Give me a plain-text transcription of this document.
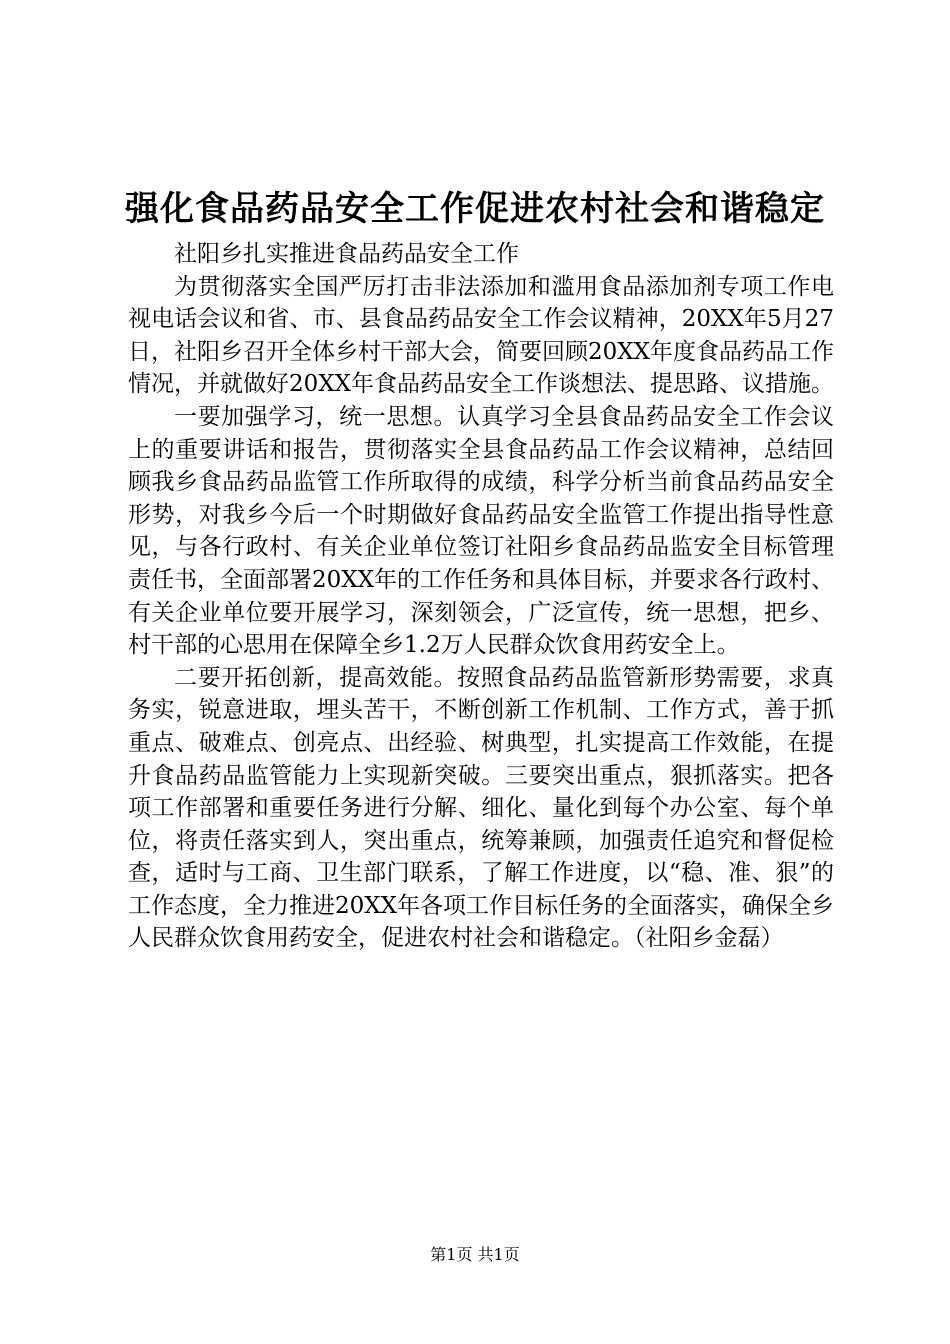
强化食品药品安全工作促进农村社会和谐稳定

社阳乡扎实推进食品药品安全工作

为贯彻落实全国严厉打击非法添加和滥用食品添加剂专项工作电视电话会议和省、市、县食品药品安全工作会议精神，20XX年5月27日，社阳乡召开全体乡村干部大会，简要回顾20XX年度食品药品工作情况，并就做好20XX年食品药品安全工作谈想法、提思路、议措施。

一要加强学习，统一思想。认真学习全县食品药品安全工作会议上的重要讲话和报告，贯彻落实全县食品药品工作会议精神，总结回顾我乡食品药品监管工作所取得的成绩，科学分析当前食品药品安全形势，对我乡今后一个时期做好食品药品安全监管工作提出指导性意见，与各行政村、有关企业单位签订社阳乡食品药品监安全目标管理责任书，全面部署20XX年的工作任务和具体目标，并要求各行政村、有关企业单位要开展学习，深刻领会，广泛宣传，统一思想，把乡、村干部的心思用在保障全乡1.2万人民群众饮食用药安全上。

二要开拓创新，提高效能。按照食品药品监管新形势需要，求真务实，锐意进取，埋头苦干，不断创新工作机制、工作方式，善于抓重点、破难点、创亮点、出经验、树典型，扎实提高工作效能，在提升食品药品监管能力上实现新突破。三要突出重点，狠抓落实。把各项工作部署和重要任务进行分解、细化、量化到每个办公室、每个单位，将责任落实到人，突出重点，统筹兼顾，加强责任追究和督促检查，适时与工商、卫生部门联系，了解工作进度，以“稳、准、狠”的工作态度，全力推进20XX年各项工作目标任务的全面落实，确保全乡人民群众饮食用药安全，促进农村社会和谐稳定。（社阳乡金磊）

第1页 共1页
